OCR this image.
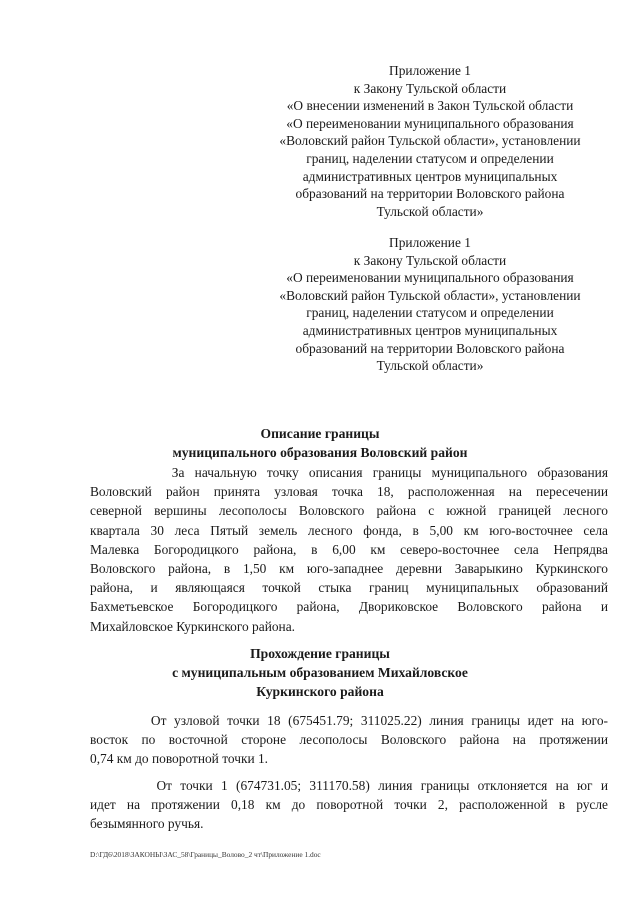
Приложение 1
к Закону Тульской области
«О внесении изменений в Закон Тульской области
«О переименовании муниципального образования
«Воловский район Тульской области», установлении
границ, наделении статусом и определении
административных центров муниципальных
образований на территории Воловского района
Тульской области»
Приложение 1
к Закону Тульской области
«О переименовании муниципального образования
«Воловский район Тульской области», установлении
границ, наделении статусом и определении
административных центров муниципальных
образований на территории Воловского района
Тульской области»
Описание границы
муниципального образования Воловский район
За начальную точку описания границы муниципального образования
Воловский район принята узловая точка 18, расположенная на пересечении
северной вершины лесополосы Воловского района с южной границей лесного
квартала 30 леса Пятый земель лесного фонда, в 5,00 км юго-восточнее села
Малевка Богородицкого района, в 6,00 км северо-восточнее села Непрядва
Воловского района, в 1,50 км юго-западнее деревни Заварыкино Куркинского
района, и являющаяся точкой стыка границ муниципальных образований
Бахметьевское Богородицкого района, Двориковское Воловского района и
Михайловское Куркинского района.
Прохождение границы
с муниципальным образованием Михайловское
Куркинского района
От узловой точки 18 (675451.79; 311025.22) линия границы идет на юго-
восток по восточной стороне лесополосы Воловского района на протяжении
0,74 км до поворотной точки 1.
От точки 1 (674731.05; 311170.58) линия границы отклоняется на юг и
идет на протяжении 0,18 км до поворотной точки 2, расположенной в русле
безымянного ручья.
D:\ГД6\2018\ЗАКОНЫ\ЗАС_58\Границы_Волово_2 чт\Приложение 1.doc
